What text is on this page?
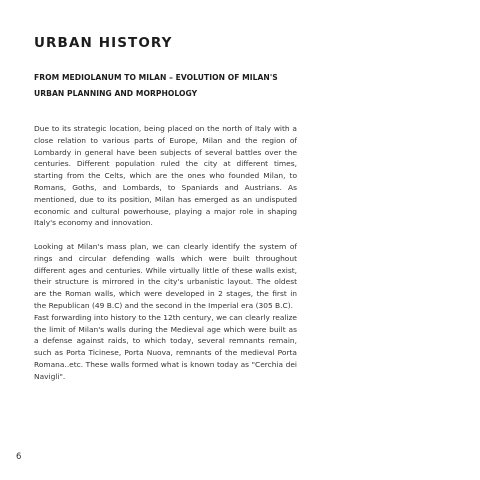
URBAN HISTORY
FROM MEDIOLANUM TO MILAN – EVOLUTION OF MILAN'S
URBAN PLANNING AND MORPHOLOGY

Due to its strategic location, being placed on the north of Italy with a close relation to various parts of Europe, Milan and the region of Lombardy in general have been subjects of several battles over the centuries. Different population ruled the city at different times, starting from the Celts, which are the ones who founded Milan, to Romans, Goths, and Lombards, to Spaniards and Austrians. As mentioned, due to its position, Milan has emerged as an undisputed economic and cultural powerhouse, playing a major role in shaping Italy's economy and innovation.

Looking at Milan's mass plan, we can clearly identify the system of rings and circular defending walls which were built throughout different ages and centuries. While virtually little of these walls exist, their structure is mirrored in the city's urbanistic layout. The oldest are the Roman walls, which were developed in 2 stages, the first in the Republican (49 B.C) and the second in the Imperial era (305 B.C).

Fast forwarding into history to the 12th century, we can clearly realize the limit of Milan's walls during the Medieval age which were built as a defense against raids, to which today, several remnants remain, such as Porta Ticinese, Porta Nuova, remnants of the medieval Porta Romana..etc. These walls formed what is known today as "Cerchia dei Navigli".

6
